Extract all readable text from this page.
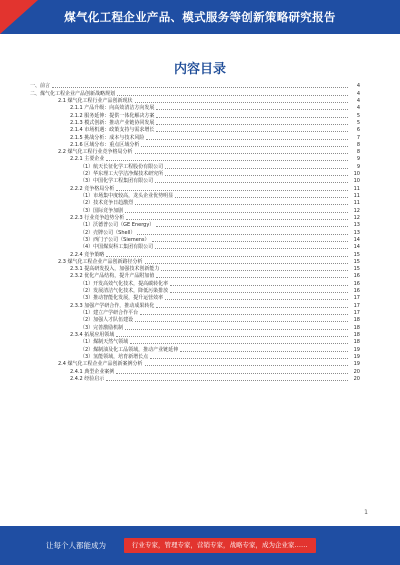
煤气化工程企业产品、模式服务等创新策略研究报告
内容目录
一、前言	4
二、煤气化工程企业产品创新战略规划	4
2.1 煤气化工程行业产品创新现状	4
2.1.1 产品升级：向高效清洁方向发展	4
2.1.2 服务延伸：提供一体化解决方案	5
2.1.3 模式创新：推动产业链协同发展	5
2.1.4 市场机遇：政策支持与需求增长	6
2.1.5 挑战分析：成本与技术风险	7
2.1.6 区域分布：重点区域分析	8
2.2 煤气化工程行业竞争格局分析	8
2.2.1 主要企业	9
（1）航天长征化学工程股份有限公司	9
（2）华东理工大学洁净煤技术研究所	10
（3）中国化学工程集团有限公司	10
2.2.2 竞争格局分析	11
（1）市场集中度较高，龙头企业优势明显	11
（2）技术竞争日趋激烈	11
（3）国际竞争加剧	12
2.2.3 行业竞争趋势分析	12
（1）沃德普公司（GE Energy）	13
（2）壳牌公司（Shell）	13
（3）西门子公司（Siemens）	14
（4）中国煤炭科工集团有限公司	14
2.2.4 竞争策略	15
2.3 煤气化工程企业产品创新路径分析	15
2.3.1 提高研发投入，加强技术创新能力	15
2.3.2 优化产品结构，提升产品附加值	16
（1）开发高效气化技术，提高碳转化率	16
（2）发展清洁气化技术，降低污染排放	16
（3）推动智能化发展，提升运营效率	17
2.3.3 加强产学研合作，推动成果转化	17
（1）建立产学研合作平台	17
（2）加强人才队伍建设	18
（3）完善激励机制	18
2.3.4 拓展应用领域	18
（1）煤制天然气领域	18
（2）煤制油及化工品领域，推动产业链延伸	19
（3）氢能领域，培育新增长点	19
2.4 煤气化工程企业产品创新案例分析	19
2.4.1 典型企业案例	20
2.4.2 经验启示	20
1
让每个人都能成为	行业专家，管理专家，营销专家，战略专家，成为企业家……
